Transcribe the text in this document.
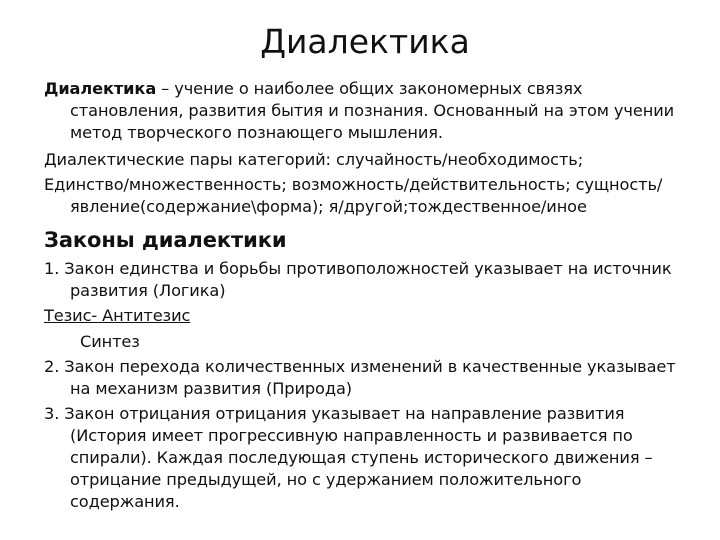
Диалектика

Диалектика – учение о наиболее общих закономерных связях становления, развития бытия и познания. Основанный на этом учении метод творческого познающего мышления.

Диалектические пары категорий: случайность/необходимость;

Единство/множественность; возможность/действительность; сущность/явление(содержание\форма); я/другой;тождественное/иное

Законы диалектики

1. Закон единства и борьбы противоположностей указывает на источник развития (Логика)

Тезис- Антитезис

Синтез

2. Закон перехода количественных изменений в качественные указывает на механизм развития (Природа)

3. Закон отрицания отрицания указывает на направление развития (История имеет прогрессивную направленность и развивается по спирали). Каждая последующая ступень исторического движения – отрицание предыдущей, но с удержанием положительного содержания.
